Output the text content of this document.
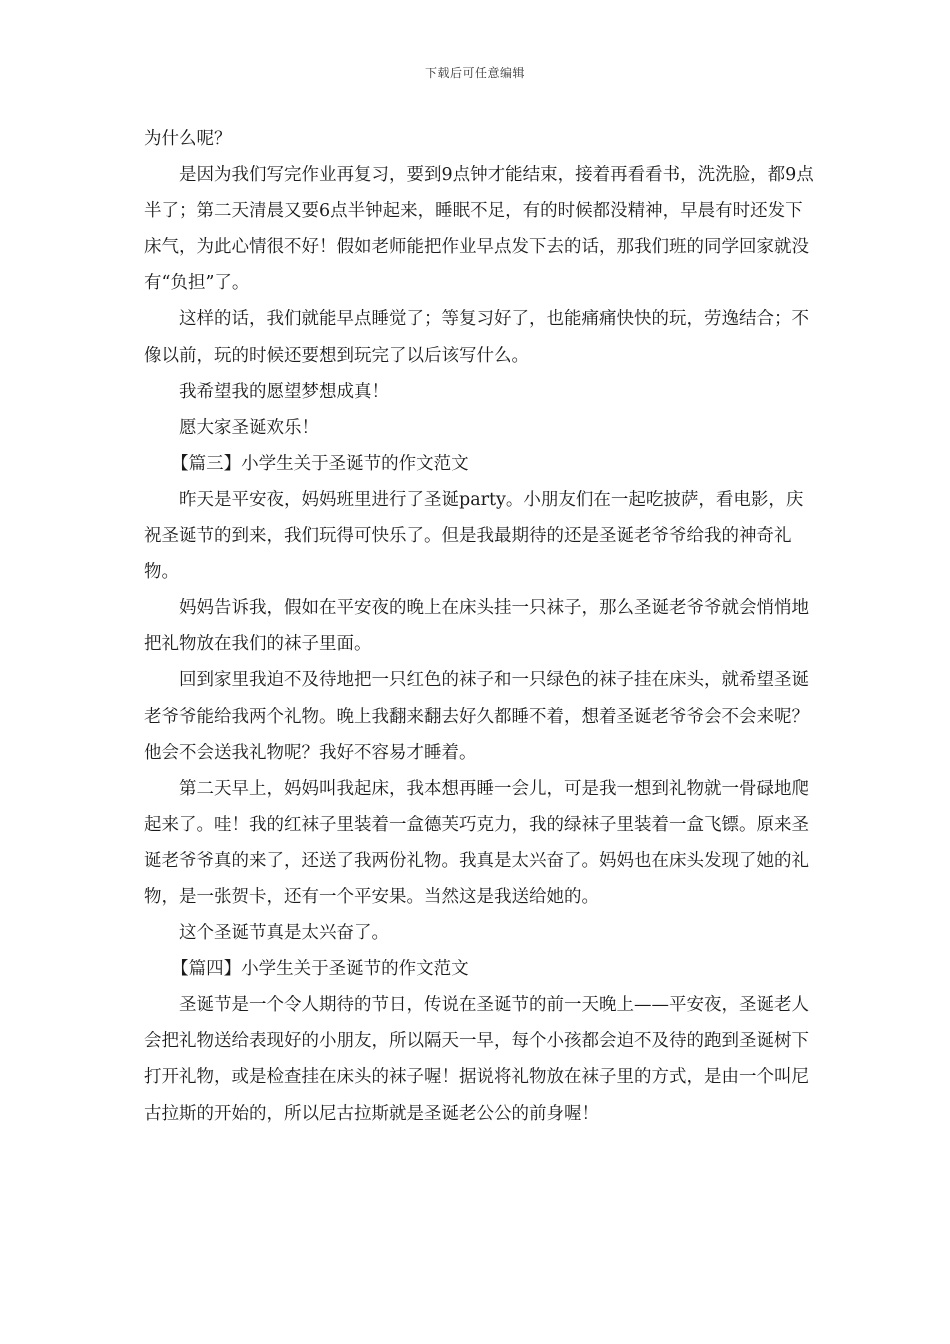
下载后可任意编辑

为什么呢？

是因为我们写完作业再复习，要到9点钟才能结束，接着再看看书，洗洗脸，都9点半了；第二天清晨又要6点半钟起来，睡眠不足，有的时候都没精神，早晨有时还发下床气，为此心情很不好！假如老师能把作业早点发下去的话，那我们班的同学回家就没有“负担”了。

这样的话，我们就能早点睡觉了；等复习好了，也能痛痛快快的玩，劳逸结合；不像以前，玩的时候还要想到玩完了以后该写什么。

我希望我的愿望梦想成真！

愿大家圣诞欢乐！

【篇三】小学生关于圣诞节的作文范文

昨天是平安夜，妈妈班里进行了圣诞party。小朋友们在一起吃披萨，看电影，庆祝圣诞节的到来，我们玩得可快乐了。但是我最期待的还是圣诞老爷爷给我的神奇礼物。

妈妈告诉我，假如在平安夜的晚上在床头挂一只袜子，那么圣诞老爷爷就会悄悄地把礼物放在我们的袜子里面。

回到家里我迫不及待地把一只红色的袜子和一只绿色的袜子挂在床头，就希望圣诞老爷爷能给我两个礼物。晚上我翻来翻去好久都睡不着，想着圣诞老爷爷会不会来呢？他会不会送我礼物呢？我好不容易才睡着。

第二天早上，妈妈叫我起床，我本想再睡一会儿，可是我一想到礼物就一骨碌地爬起来了。哇！我的红袜子里装着一盒德芙巧克力，我的绿袜子里装着一盒飞镖。原来圣诞老爷爷真的来了，还送了我两份礼物。我真是太兴奋了。妈妈也在床头发现了她的礼物，是一张贺卡，还有一个平安果。当然这是我送给她的。

这个圣诞节真是太兴奋了。

【篇四】小学生关于圣诞节的作文范文

圣诞节是一个令人期待的节日，传说在圣诞节的前一天晚上——平安夜，圣诞老人会把礼物送给表现好的小朋友，所以隔天一早，每个小孩都会迫不及待的跑到圣诞树下打开礼物，或是检查挂在床头的袜子喔！据说将礼物放在袜子里的方式，是由一个叫尼古拉斯的开始的，所以尼古拉斯就是圣诞老公公的前身喔！
